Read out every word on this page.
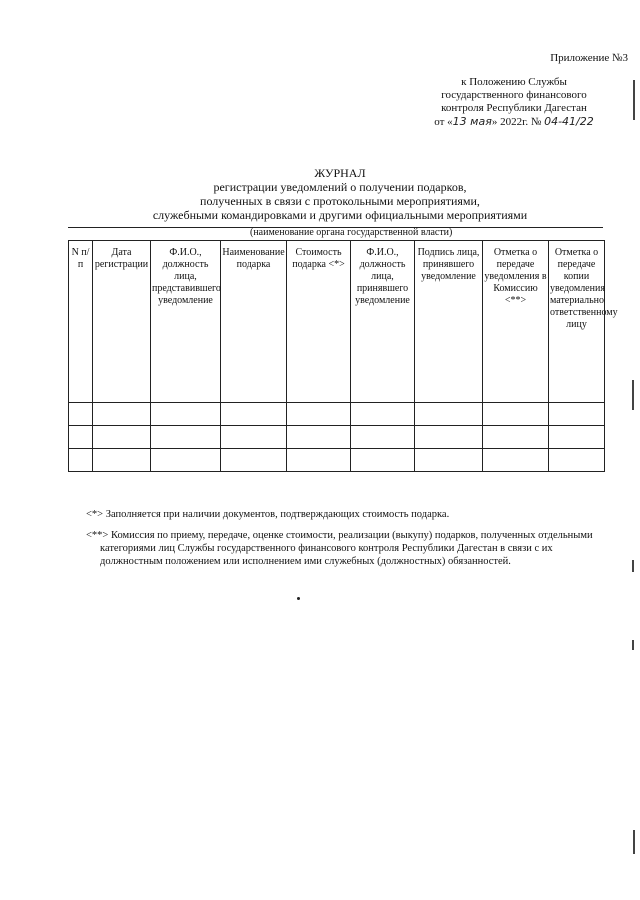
Приложение №3
к Положению Службы
государственного финансового
контроля Республики Дагестан
от «13 мая» 2022г. № 04-41/22
ЖУРНАЛ
регистрации уведомлений о получении подарков,
полученных в связи с протокольными мероприятиями,
служебными командировками и другими официальными мероприятиями
(наименование органа государственной власти)
N п/п	Дата регистрации	Ф.И.О., должность лица, представившего уведомление	Наименование подарка	Стоимость подарка <*>	Ф.И.О., должность лица, принявшего уведомление	Подпись лица, принявшего уведомление	Отметка о передаче уведомления в Комиссию <**>	Отметка о передаче копии уведомления материально ответственному лицу

<*> Заполняется при наличии документов, подтверждающих стоимость подарка.
<**> Комиссия по приему, передаче, оценке стоимости, реализации (выкупу) подарков, полученных отдельными
категориями лиц Службы государственного финансового контроля Республики Дагестан в связи с их
должностным положением или исполнением ими служебных (должностных) обязанностей.
